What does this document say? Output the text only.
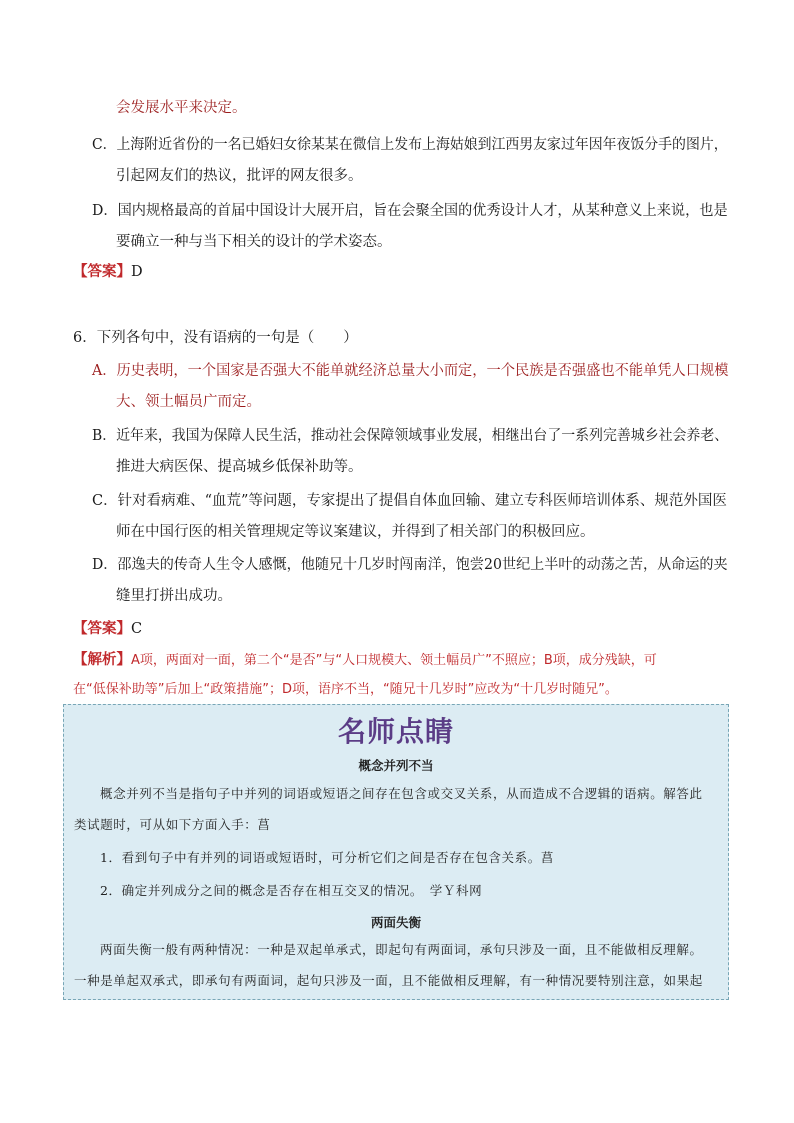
会发展水平来决定。
C．上海附近省份的一名已婚妇女徐某某在微信上发布上海姑娘到江西男友家过年因年夜饭分手的图片，
引起网友们的热议，批评的网友很多。
D．国内规格最高的首届中国设计大展开启，旨在会聚全国的优秀设计人才，从某种意义上来说，也是
要确立一种与当下相关的设计的学术姿态。
【答案】D
6．下列各句中，没有语病的一句是（　　）
A．历史表明，一个国家是否强大不能单就经济总量大小而定，一个民族是否强盛也不能单凭人口规模
大、领土幅员广而定。
B．近年来，我国为保障人民生活，推动社会保障领域事业发展，相继出台了一系列完善城乡社会养老、
推进大病医保、提高城乡低保补助等。
C．针对看病难、“血荒”等问题，专家提出了提倡自体血回输、建立专科医师培训体系、规范外国医
师在中国行医的相关管理规定等议案建议，并得到了相关部门的积极回应。
D．邵逸夫的传奇人生令人感慨，他随兄十几岁时闯南洋，饱尝20世纪上半叶的动荡之苦，从命运的夹
缝里打拼出成功。
【答案】C
【解析】A项，两面对一面，第二个“是否”与“人口规模大、领土幅员广”不照应；B项，成分残缺，可
在“低保补助等”后加上“政策措施”；D项，语序不当，“随兄十几岁时”应改为“十几岁时随兄”。
名师点睛
概念并列不当
概念并列不当是指句子中并列的词语或短语之间存在包含或交叉关系，从而造成不合逻辑的语病。解答此
类试题时，可从如下方面入手：菖
1．看到句子中有并列的词语或短语时，可分析它们之间是否存在包含关系。菖
2．确定并列成分之间的概念是否存在相互交叉的情况。　学Ｙ科网
两面失衡
两面失衡一般有两种情况：一种是双起单承式，即起句有两面词，承句只涉及一面，且不能做相反理解。
一种是单起双承式，即承句有两面词，起句只涉及一面，且不能做相反理解，有一种情况要特别注意，如果起
